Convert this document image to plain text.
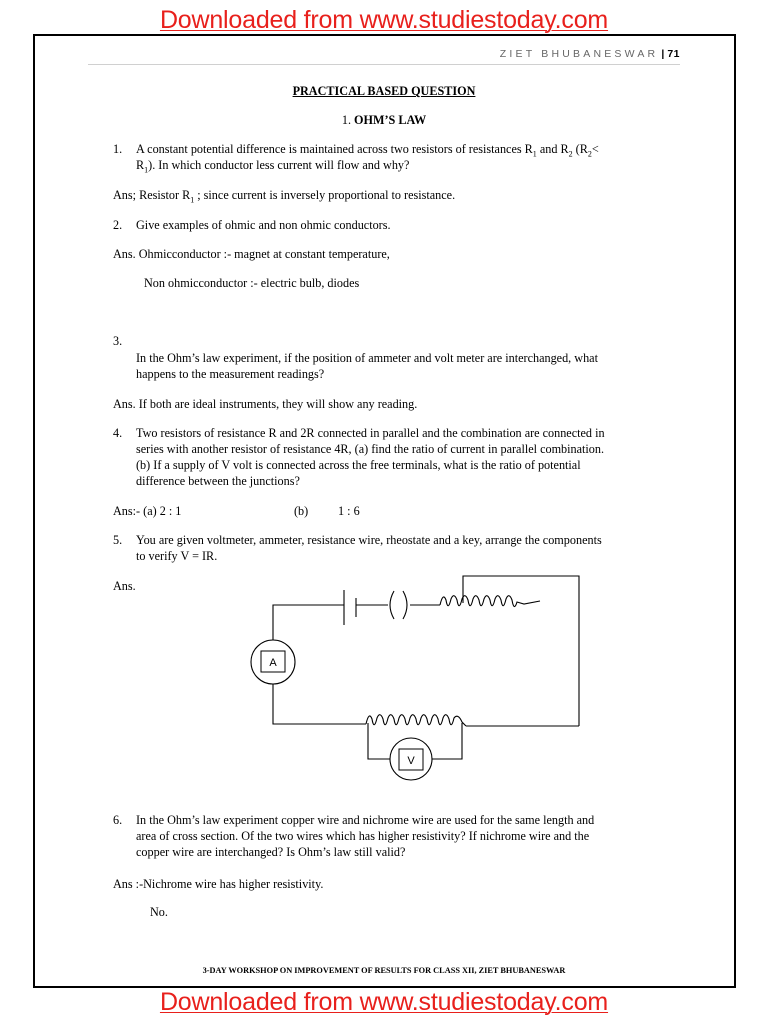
Downloaded from www.studiestoday.com
ZIET BHUBANESWAR | 71
PRACTICAL BASED QUESTION
1. OHM’S LAW
1. A constant potential difference is maintained across two resistors of resistances $R_1$ and $R_2$ ($R_2<$
$R_1$). In which conductor less current will flow and why?
Ans; Resistor $R_1$ ; since current is inversely proportional to resistance.
2. Give examples of ohmic and non ohmic conductors.
Ans. Ohmicconductor :- magnet at constant temperature,
Non ohmicconductor :- electric bulb, diodes
3.
In the Ohm’s law experiment, if the position of ammeter and volt meter are interchanged, what
happens to the measurement readings?
Ans. If both are ideal instruments, they will show any reading.
4. Two resistors of resistance R and 2R connected in parallel and the combination are connected in
series with another resistor of resistance 4R, (a) find the ratio of current in parallel combination.
(b) If a supply of V volt is connected across the free terminals, what is the ratio of potential
difference between the junctions?
Ans:- (a) 2 : 1	(b) 1 : 6
5. You are given voltmeter, ammeter, resistance wire, rheostate and a key, arrange the components
to verify V = IR.
Ans.
A
V
6. In the Ohm’s law experiment copper wire and nichrome wire are used for the same length and
area of cross section. Of the two wires which has higher resistivity? If nichrome wire and the
copper wire are interchanged? Is Ohm’s law still valid?
Ans :-Nichrome wire has higher resistivity.
No.
3-DAY WORKSHOP ON IMPROVEMENT OF RESULTS FOR CLASS XII, ZIET BHUBANESWAR
Downloaded from www.studiestoday.com
